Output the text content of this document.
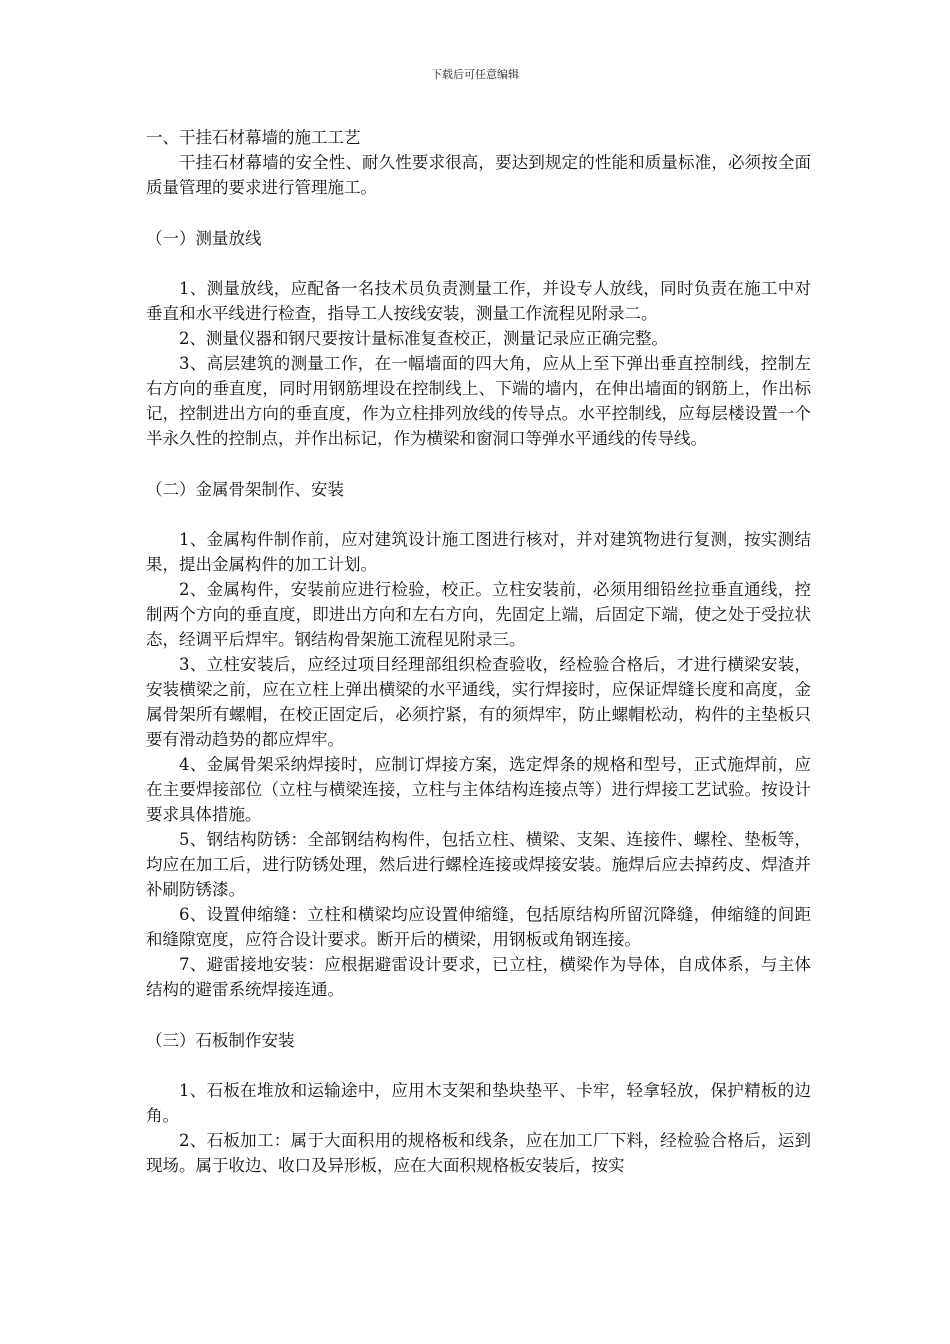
下载后可任意编辑
一、干挂石材幕墙的施工工艺

干挂石材幕墙的安全性、耐久性要求很高，要达到规定的性能和质量标准，必须按全面质量管理的要求进行管理施工。

（一）测量放线

1、测量放线，应配备一名技术员负责测量工作，并设专人放线，同时负责在施工中对垂直和水平线进行检查，指导工人按线安装，测量工作流程见附录二。

2、测量仪器和钢尺要按计量标准复查校正，测量记录应正确完整。

3、高层建筑的测量工作，在一幅墙面的四大角，应从上至下弹出垂直控制线，控制左右方向的垂直度，同时用钢筋埋设在控制线上、下端的墙内，在伸出墙面的钢筋上，作出标记，控制进出方向的垂直度，作为立柱排列放线的传导点。水平控制线，应每层楼设置一个半永久性的控制点，并作出标记，作为横梁和窗洞口等弹水平通线的传导线。

（二）金属骨架制作、安装

1、金属构件制作前，应对建筑设计施工图进行核对，并对建筑物进行复测，按实测结果，提出金属构件的加工计划。

2、金属构件，安装前应进行检验，校正。立柱安装前，必须用细铅丝拉垂直通线，控制两个方向的垂直度，即进出方向和左右方向，先固定上端，后固定下端，使之处于受拉状态，经调平后焊牢。钢结构骨架施工流程见附录三。

3、立柱安装后，应经过项目经理部组织检查验收，经检验合格后，才进行横梁安装，安装横梁之前，应在立柱上弹出横梁的水平通线，实行焊接时，应保证焊缝长度和高度，金属骨架所有螺帽，在校正固定后，必须拧紧，有的须焊牢，防止螺帽松动，构件的主垫板只要有滑动趋势的都应焊牢。

4、金属骨架采纳焊接时，应制订焊接方案，选定焊条的规格和型号，正式施焊前，应在主要焊接部位（立柱与横梁连接，立柱与主体结构连接点等）进行焊接工艺试验。按设计要求具体措施。

5、钢结构防锈：全部钢结构构件，包括立柱、横梁、支架、连接件、螺栓、垫板等，均应在加工后，进行防锈处理，然后进行螺栓连接或焊接安装。施焊后应去掉药皮、焊渣并补刷防锈漆。

6、设置伸缩缝：立柱和横梁均应设置伸缩缝，包括原结构所留沉降缝，伸缩缝的间距和缝隙宽度，应符合设计要求。断开后的横梁，用钢板或角钢连接。

7、避雷接地安装：应根据避雷设计要求，已立柱，横梁作为导体，自成体系，与主体结构的避雷系统焊接连通。

（三）石板制作安装

1、石板在堆放和运输途中，应用木支架和垫块垫平、卡牢，轻拿轻放，保护精板的边角。

2、石板加工：属于大面积用的规格板和线条，应在加工厂下料，经检验合格后，运到现场。属于收边、收口及异形板，应在大面积规格板安装后，按实
